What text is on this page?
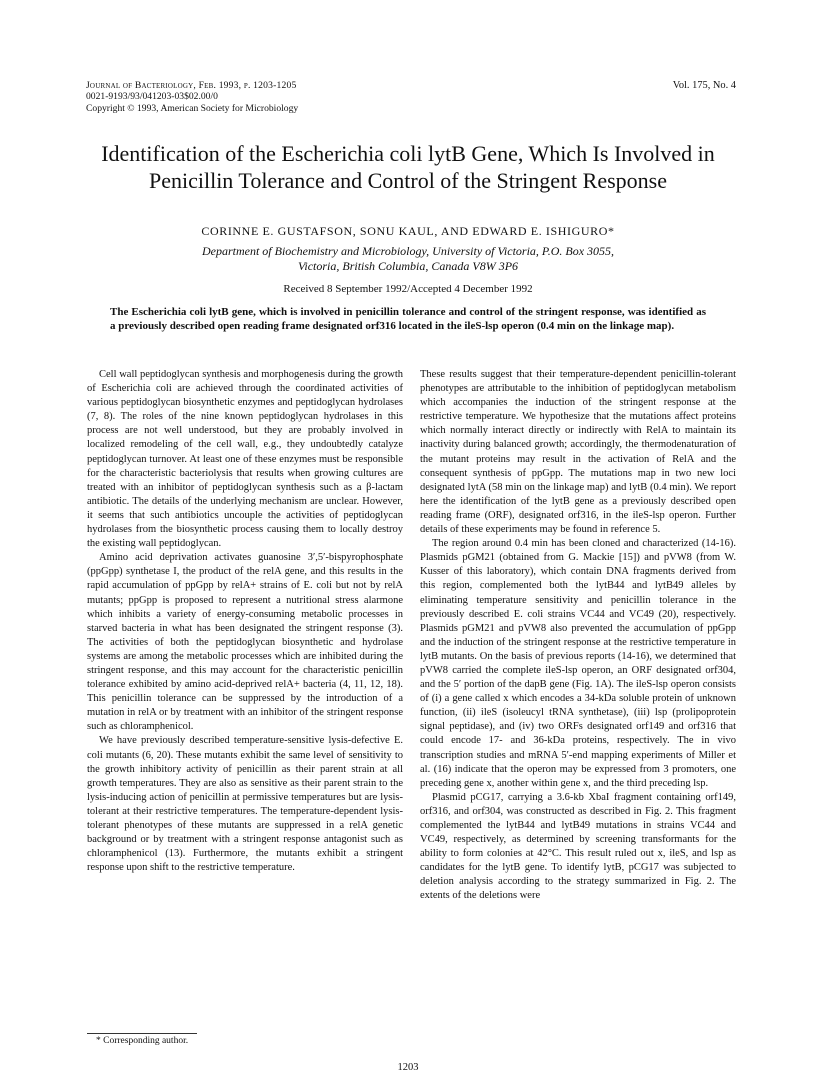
Journal of Bacteriology, Feb. 1993, p. 1203-1205
0021-9193/93/041203-03$02.00/0
Copyright © 1993, American Society for Microbiology
Vol. 175, No. 4
Identification of the Escherichia coli lytB Gene, Which Is Involved in Penicillin Tolerance and Control of the Stringent Response
CORINNE E. GUSTAFSON, SONU KAUL, AND EDWARD E. ISHIGURO*
Department of Biochemistry and Microbiology, University of Victoria, P.O. Box 3055,
Victoria, British Columbia, Canada V8W 3P6
Received 8 September 1992/Accepted 4 December 1992

The Escherichia coli lytB gene, which is involved in penicillin tolerance and control of the stringent response, was identified as a previously described open reading frame designated orf316 located in the ileS-lsp operon (0.4 min on the linkage map).

Cell wall peptidoglycan synthesis and morphogenesis during the growth of Escherichia coli are achieved through the coordinated activities of various peptidoglycan biosynthetic enzymes and peptidoglycan hydrolases (7, 8). The roles of the nine known peptidoglycan hydrolases in this process are not well understood, but they are probably involved in localized remodeling of the cell wall, e.g., they undoubtedly catalyze peptidoglycan turnover. At least one of these enzymes must be responsible for the characteristic bacteriolysis that results when growing cultures are treated with an inhibitor of peptidoglycan synthesis such as a β-lactam antibiotic. The details of the underlying mechanism are unclear. However, it seems that such antibiotics uncouple the activities of peptidoglycan hydrolases from the biosynthetic process causing them to locally destroy the existing wall peptidoglycan.

Amino acid deprivation activates guanosine 3′,5′-bispyrophosphate (ppGpp) synthetase I, the product of the relA gene, and this results in the rapid accumulation of ppGpp by relA+ strains of E. coli but not by relA mutants; ppGpp is proposed to represent a nutritional stress alarmone which inhibits a variety of energy-consuming metabolic processes in starved bacteria in what has been designated the stringent response (3). The activities of both the peptidoglycan biosynthetic and hydrolase systems are among the metabolic processes which are inhibited during the stringent response, and this may account for the characteristic penicillin tolerance exhibited by amino acid-deprived relA+ bacteria (4, 11, 12, 18). This penicillin tolerance can be suppressed by the introduction of a mutation in relA or by treatment with an inhibitor of the stringent response such as chloramphenicol.

We have previously described temperature-sensitive lysis-defective E. coli mutants (6, 20). These mutants exhibit the same level of sensitivity to the growth inhibitory activity of penicillin as their parent strain at all growth temperatures. They are also as sensitive as their parent strain to the lysis-inducing action of penicillin at permissive temperatures but are lysis-tolerant at their restrictive temperatures. The temperature-dependent lysis-tolerant phenotypes of these mutants are suppressed in a relA genetic background or by treatment with a stringent response antagonist such as chloramphenicol (13). Furthermore, the mutants exhibit a stringent response upon shift to the restrictive temperature.

These results suggest that their temperature-dependent penicillin-tolerant phenotypes are attributable to the inhibition of peptidoglycan metabolism which accompanies the induction of the stringent response at the restrictive temperature. We hypothesize that the mutations affect proteins which normally interact directly or indirectly with RelA to maintain its inactivity during balanced growth; accordingly, the thermodenaturation of the mutant proteins may result in the activation of RelA and the consequent synthesis of ppGpp. The mutations map in two new loci designated lytA (58 min on the linkage map) and lytB (0.4 min). We report here the identification of the lytB gene as a previously described open reading frame (ORF), designated orf316, in the ileS-lsp operon. Further details of these experiments may be found in reference 5.

The region around 0.4 min has been cloned and characterized (14-16). Plasmids pGM21 (obtained from G. Mackie [15]) and pVW8 (from W. Kusser of this laboratory), which contain DNA fragments derived from this region, complemented both the lytB44 and lytB49 alleles by eliminating temperature sensitivity and penicillin tolerance in the previously described E. coli strains VC44 and VC49 (20), respectively. Plasmids pGM21 and pVW8 also prevented the accumulation of ppGpp and the induction of the stringent response at the restrictive temperature in lytB mutants. On the basis of previous reports (14-16), we determined that pVW8 carried the complete ileS-lsp operon, an ORF designated orf304, and the 5′ portion of the dapB gene (Fig. 1A). The ileS-lsp operon consists of (i) a gene called x which encodes a 34-kDa soluble protein of unknown function, (ii) ileS (isoleucyl tRNA synthetase), (iii) lsp (prolipoprotein signal peptidase), and (iv) two ORFs designated orf149 and orf316 that could encode 17- and 36-kDa proteins, respectively. The in vivo transcription studies and mRNA 5′-end mapping experiments of Miller et al. (16) indicate that the operon may be expressed from 3 promoters, one preceding gene x, another within gene x, and the third preceding lsp.

Plasmid pCG17, carrying a 3.6-kb XbaI fragment containing orf149, orf316, and orf304, was constructed as described in Fig. 2. This fragment complemented the lytB44 and lytB49 mutations in strains VC44 and VC49, respectively, as determined by screening transformants for the ability to form colonies at 42°C. This result ruled out x, ileS, and lsp as candidates for the lytB gene. To identify lytB, pCG17 was subjected to deletion analysis according to the strategy summarized in Fig. 2. The extents of the deletions were

* Corresponding author.
1203
